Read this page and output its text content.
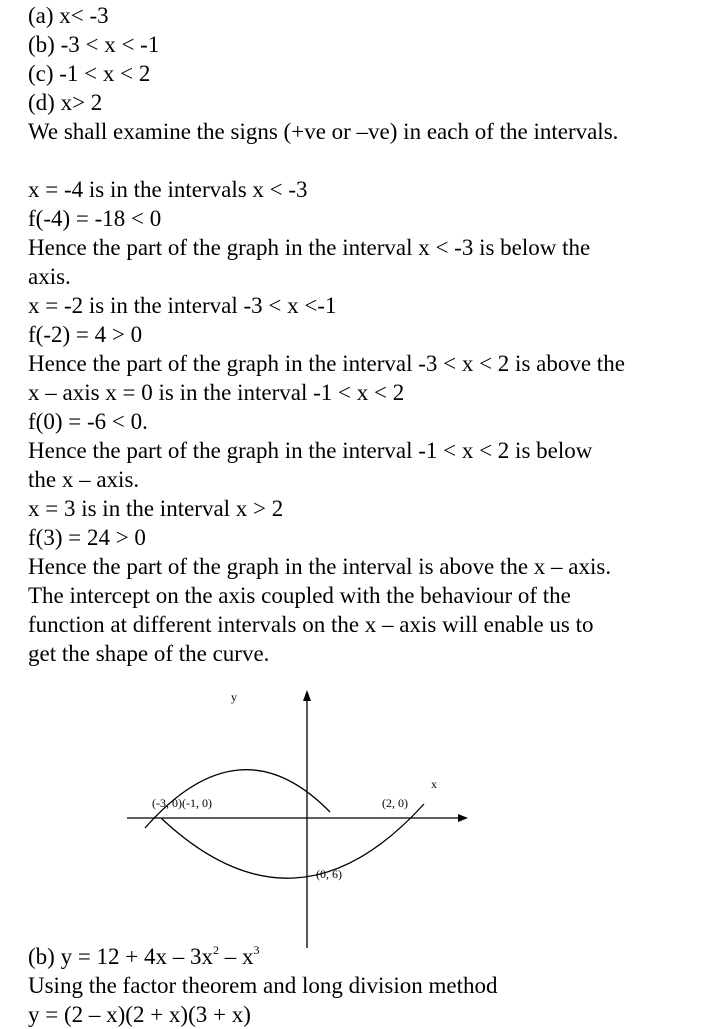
(a) x< -3
(b) -3 < x < -1
(c) -1 < x < 2
(d) x> 2
We shall examine the signs (+ve or –ve) in each of the intervals.
x = -4 is in the intervals x < -3
f(-4) = -18 < 0
Hence the part of the graph in the interval x < -3 is below the
axis.
x = -2 is in the interval -3 < x <-1
f(-2) = 4 > 0
Hence the part of the graph in the interval -3 < x < 2 is above the
x – axis x = 0 is in the interval -1 < x < 2
f(0) = -6 < 0.
Hence the part of the graph in the interval -1 < x < 2 is below
the x – axis.
x = 3 is in the interval x > 2
f(3) = 24 > 0
Hence the part of the graph in the interval is above the x – axis.
The intercept on the axis coupled with the behaviour of the
function at different intervals on the x – axis will enable us to
get the shape of the curve.
y
x
(-3, 0)(-1, 0)	(2, 0)
(0, 6)
(b) $y = 12 + 4x - 3x^2 - x^3$
Using the factor theorem and long division method
y = (2 – x)(2 + x)(3 + x)
